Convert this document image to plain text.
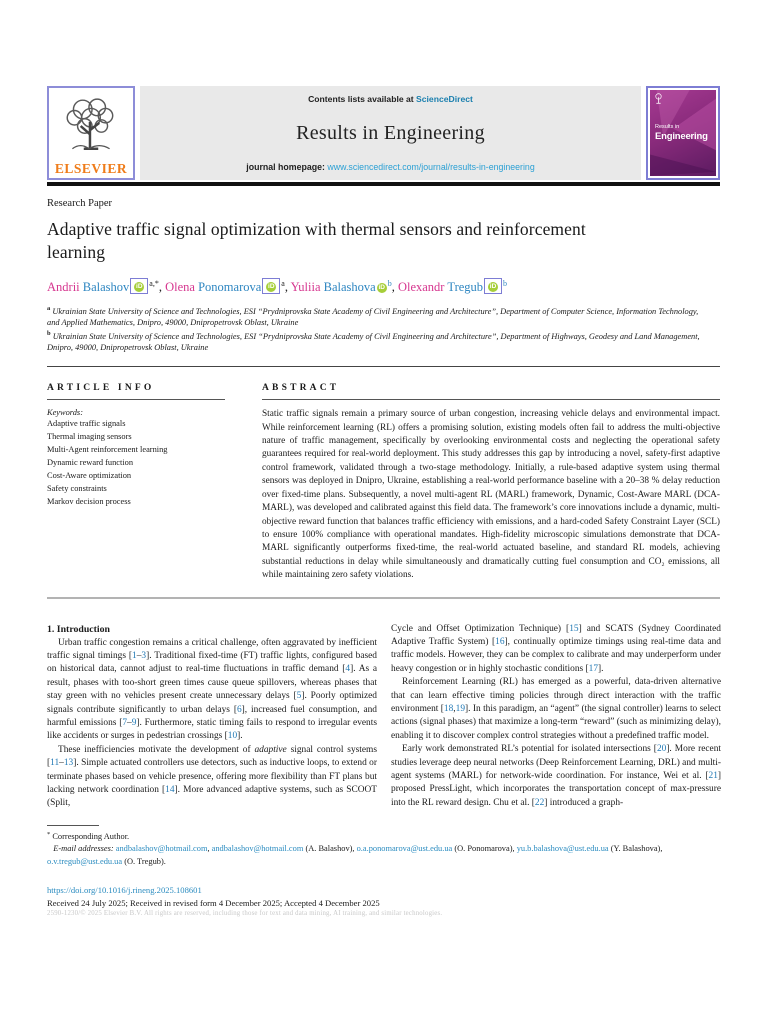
ELSEVIER
Contents lists available at ScienceDirect
Results in Engineering
journal homepage: www.sciencedirect.com/journal/results-in-engineering
Results in
Engineering
Research Paper
Adaptive traffic signal optimization with thermal sensors and reinforcement learning
Andrii Balashov iD $^{a,*}$, Olena Ponomarova iD $^a$, Yuliia Balashova iD $^b$, Olexandr Tregub iD $^b$
$^a$ Ukrainian State University of Science and Technologies, ESI “Prydniprovska State Academy of Civil Engineering and Architecture”, Department of Computer Science, Information Technology, and Applied Mathematics, Dnipro, 49000, Dnipropetrovsk Oblast, Ukraine
$^b$ Ukrainian State University of Science and Technologies, ESI “Prydniprovska State Academy of Civil Engineering and Architecture”, Department of Highways, Geodesy and Land Management, Dnipro, 49000, Dnipropetrovsk Oblast, Ukraine
ARTICLE INFO
Keywords:
Adaptive traffic signals
Thermal imaging sensors
Multi-Agent reinforcement learning
Dynamic reward function
Cost-Aware optimization
Safety constraints
Markov decision process
ABSTRACT

Static traffic signals remain a primary source of urban congestion, increasing vehicle delays and environmental impact. While reinforcement learning (RL) offers a promising solution, existing models often fail to address the multi-objective nature of traffic management, specifically by overlooking environmental costs and neglecting the operational safety guarantees required for real-world deployment. This study addresses this gap by introducing a novel, safety-first adaptive control framework, validated through a two-stage methodology. Initially, a rule-based adaptive system using thermal sensors was deployed in Dnipro, Ukraine, establishing a real-world performance baseline with a 20–38 % delay reduction over fixed-time plans. Subsequently, a novel multi-agent RL (MARL) framework, Dynamic, Cost-Aware MARL (DCA-MARL), was developed and calibrated against this field data. The framework’s core innovations include a dynamic, multi-objective reward function that balances traffic efficiency with emissions, and a hard-coded Safety Constraint Layer (SCL) to ensure 100% compliance with operational mandates. High-fidelity microscopic simulations demonstrate that DCA-MARL significantly outperforms fixed-time, the real-world actuated baseline, and standard RL models, achieving substantial reductions in delay while simultaneously and dramatically cutting fuel consumption and CO₂ emissions, all while maintaining zero safety violations.

1. Introduction

Urban traffic congestion remains a critical challenge, often aggravated by inefficient traffic signal timings [1–3]. Traditional fixed-time (FT) traffic lights, configured based on historical data, cannot adjust to real-time fluctuations in traffic demand [4]. As a result, phases with too-short green times cause queue spillovers, whereas phases that stay green with no vehicles present create unnecessary delays [5]. Poorly optimized signals contribute significantly to urban delays [6], increased fuel consumption, and harmful emissions [7–9]. Furthermore, static timing fails to respond to irregular events like accidents or surges in pedestrian crossings [10].

These inefficiencies motivate the development of adaptive signal control systems [11–13]. Simple actuated controllers use detectors, such as inductive loops, to extend or terminate phases based on vehicle presence, offering more flexibility than FT plans but lacking network coordination [14]. More advanced adaptive systems, such as SCOOT (Split,

Cycle and Offset Optimization Technique) [15] and SCATS (Sydney Coordinated Adaptive Traffic System) [16], continually optimize timings using real-time data and traffic models. However, they can be complex to calibrate and may underperform under heavy congestion or in highly stochastic conditions [17].

Reinforcement Learning (RL) has emerged as a powerful, data-driven alternative that can learn effective timing policies through direct interaction with the traffic environment [18,19]. In this paradigm, an “agent” (the signal controller) learns to select actions (signal phases) that maximize a long-term “reward” (such as minimizing delay), enabling it to discover complex control strategies without a predefined traffic model.

Early work demonstrated RL’s potential for isolated intersections [20]. More recent studies leverage deep neural networks (Deep Reinforcement Learning, DRL) and multi-agent systems (MARL) for network-wide coordination. For instance, Wei et al. [21] proposed PressLight, which incorporates the transportation concept of max-pressure into the RL reward design. Chu et al. [22] introduced a graph-

* Corresponding Author.
E-mail addresses: andbalashov@hotmail.com, andbalashov@hotmail.com (A. Balashov), o.a.ponomarova@ust.edu.ua (O. Ponomarova), yu.b.balashova@ust.edu.ua (Y. Balashova), o.v.tregub@ust.edu.ua (O. Tregub).
https://doi.org/10.1016/j.rineng.2025.108601
Received 24 July 2025; Received in revised form 4 December 2025; Accepted 4 December 2025
2590-1230/© 2025 Elsevier B.V. All rights are reserved, including those for text and data mining, AI training, and similar technologies.
